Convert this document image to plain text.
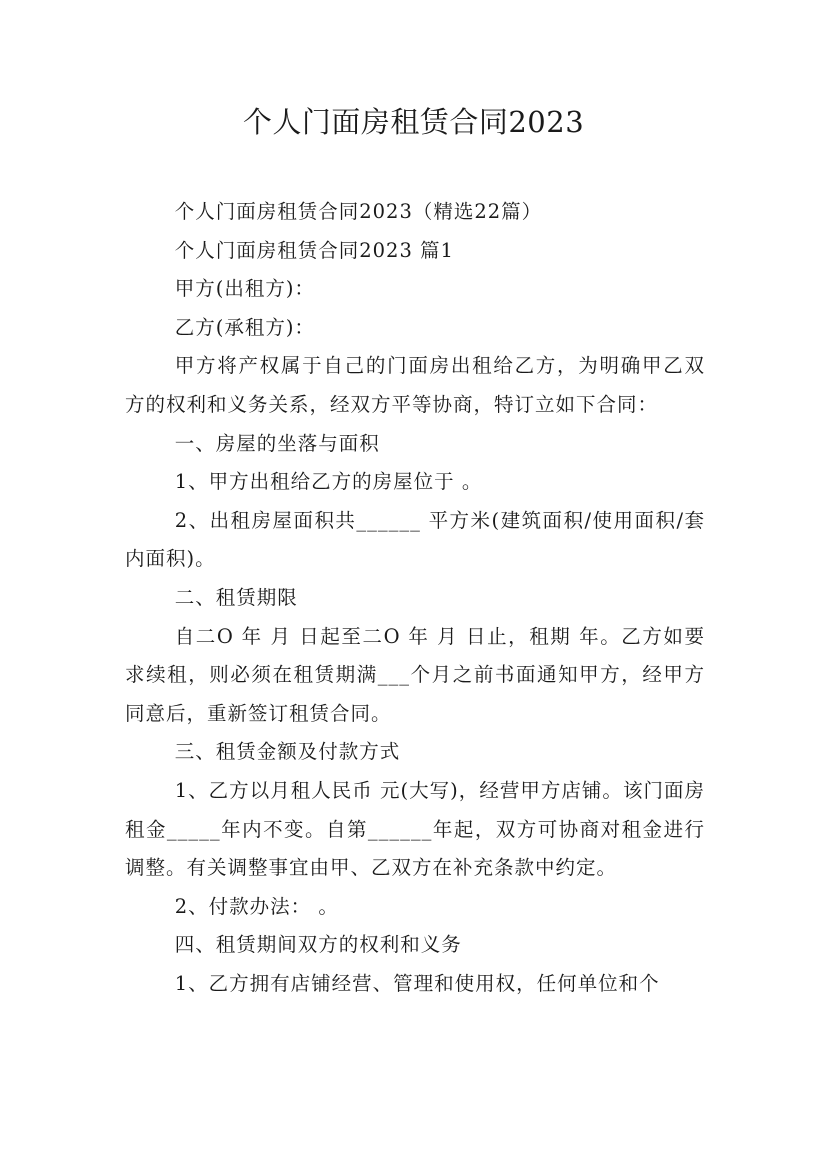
个人门面房租赁合同2023

个人门面房租赁合同2023（精选22篇）

个人门面房租赁合同2023 篇1

甲方(出租方)：

乙方(承租方)：

甲方将产权属于自己的门面房出租给乙方，为明确甲乙双方的权利和义务关系，经双方平等协商，特订立如下合同：

一、房屋的坐落与面积

1、甲方出租给乙方的房屋位于 。

2、出租房屋面积共______ 平方米(建筑面积/使用面积/套内面积)。

二、租赁期限

自二O 年 月 日起至二O 年 月 日止，租期 年。乙方如要求续租，则必须在租赁期满___个月之前书面通知甲方，经甲方同意后，重新签订租赁合同。

三、租赁金额及付款方式

1、乙方以月租人民币 元(大写)，经营甲方店铺。该门面房租金_____年内不变。自第______年起，双方可协商对租金进行调整。有关调整事宜由甲、乙双方在补充条款中约定。

2、付款办法： 。

四、租赁期间双方的权利和义务

1、乙方拥有店铺经营、管理和使用权，任何单位和个
